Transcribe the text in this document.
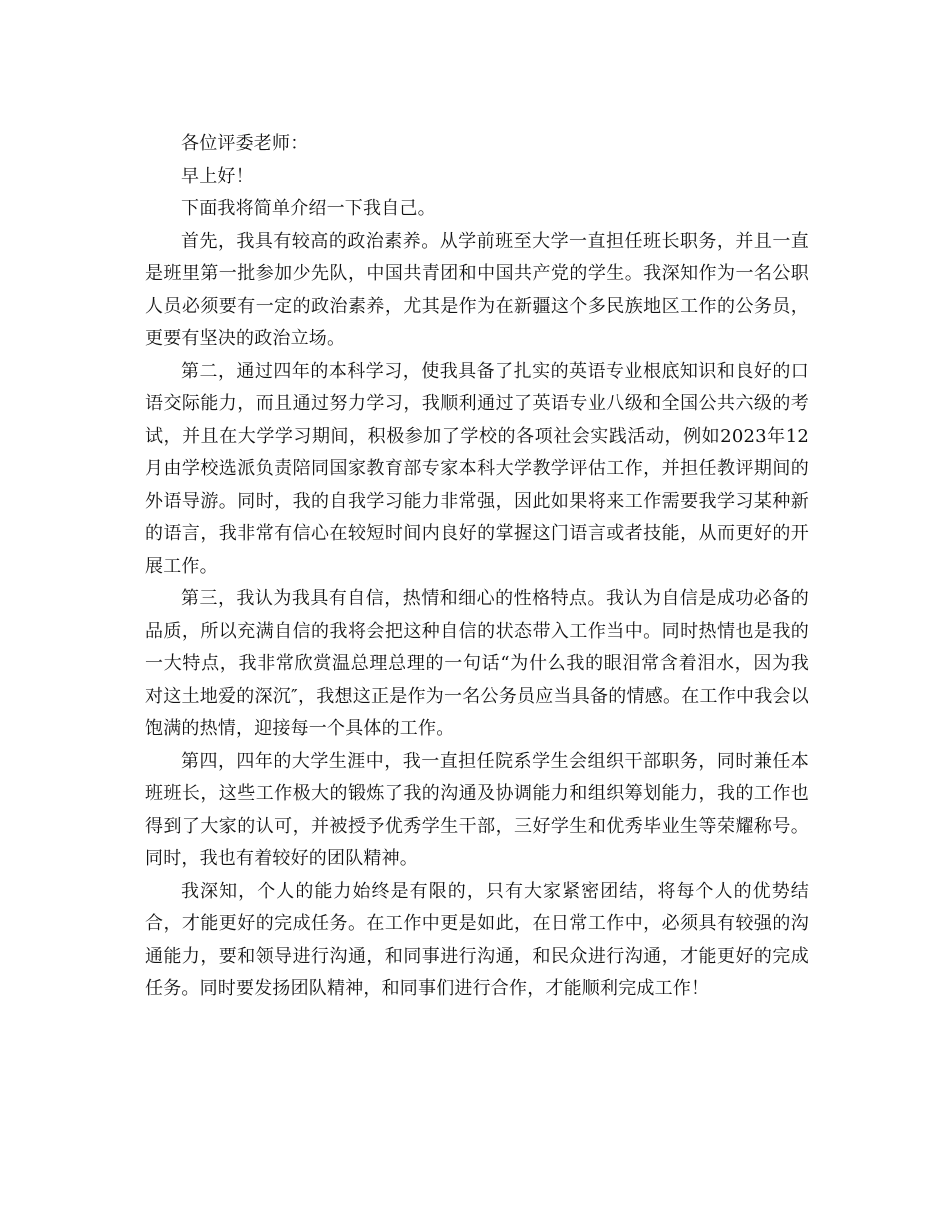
各位评委老师：

早上好！

下面我将简单介绍一下我自己。

首先，我具有较高的政治素养。从学前班至大学一直担任班长职务，并且一直是班里第一批参加少先队，中国共青团和中国共产党的学生。我深知作为一名公职人员必须要有一定的政治素养，尤其是作为在新疆这个多民族地区工作的公务员，更要有坚决的政治立场。

第二，通过四年的本科学习，使我具备了扎实的英语专业根底知识和良好的口语交际能力，而且通过努力学习，我顺利通过了英语专业八级和全国公共六级的考试，并且在大学学习期间，积极参加了学校的各项社会实践活动，例如2023年12月由学校选派负责陪同国家教育部专家本科大学教学评估工作，并担任教评期间的外语导游。同时，我的自我学习能力非常强，因此如果将来工作需要我学习某种新的语言，我非常有信心在较短时间内良好的掌握这门语言或者技能，从而更好的开展工作。

第三，我认为我具有自信，热情和细心的性格特点。我认为自信是成功必备的品质，所以充满自信的我将会把这种自信的状态带入工作当中。同时热情也是我的一大特点，我非常欣赏温总理总理的一句话“为什么我的眼泪常含着泪水，因为我对这土地爱的深沉″，我想这正是作为一名公务员应当具备的情感。在工作中我会以饱满的热情，迎接每一个具体的工作。

第四，四年的大学生涯中，我一直担任院系学生会组织干部职务，同时兼任本班班长，这些工作极大的锻炼了我的沟通及协调能力和组织筹划能力，我的工作也得到了大家的认可，并被授予优秀学生干部，三好学生和优秀毕业生等荣耀称号。同时，我也有着较好的团队精神。

我深知，个人的能力始终是有限的，只有大家紧密团结，将每个人的优势结合，才能更好的完成任务。在工作中更是如此，在日常工作中，必须具有较强的沟通能力，要和领导进行沟通，和同事进行沟通，和民众进行沟通，才能更好的完成任务。同时要发扬团队精神，和同事们进行合作，才能顺利完成工作！
